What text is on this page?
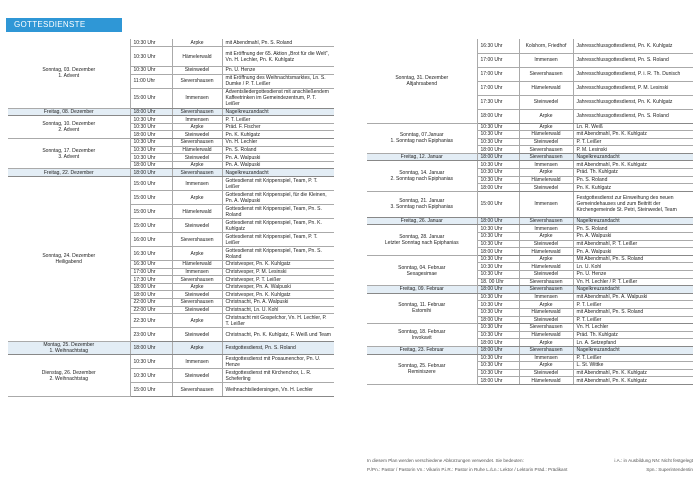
GOTTESDIENSTE
Sonntag, 03. Dezember
1. Advent	10:30 Uhr	Arpke	mit Abendmahl, Pn. S. Roland
	10:30 Uhr	Hämelerwald	mit Eröffnung der 65. Aktion „Brot für die Welt“, Vn. H. Lechler, Pn. K. Kuhlgatz
	10:30 Uhr	Steinwedel	Pn. U. Henze
	11:00 Uhr	Sievershausen	mit Eröffnung des Weihnachtsmarktes, Ln. S. Dumke / P. T. Leißer
	15:00 Uhr	Immensen	Adventsliedergottesdienst mit anschließendem Kaffeetrinken im Gemeindezentrum, P. T. Leißer
Freitag, 08. Dezember	18:00 Uhr	Sievershausen	Nagelkreuzandacht
Sonntag, 10. Dezember
2. Advent	10:30 Uhr	Immensen	P. T. Leißer
	10:30 Uhr	Arpke	Präd. F. Fischer
	18:00 Uhr	Steinwedel	Pn. K. Kuhlgatz
Sonntag, 17. Dezember
3. Advent	10:30 Uhr	Sievershausen	Vn. H. Lechler
	10:30 Uhr	Hämelerwald	Pn. S. Roland
	10:30 Uhr	Steinwedel	Pn. A. Walpuski
	18:00 Uhr	Arpke	Pn. A. Walpuski
Freitag, 22. Dezember	18:00 Uhr	Sievershausen	Nagelkreuzandacht
Sonntag, 24. Dezember
Heiligabend	15:00 Uhr	Immensen	Gottesdienst mit Krippenspiel, Team, P. T. Leißer
	15:00 Uhr	Arpke	Gottesdienst mit Krippenspiel, für die Kleinen, Pn. A. Walpuski
	15:00 Uhr	Hämelerwald	Gottesdienst mit Krippenspiel, Team, Pn. S. Roland
	15:00 Uhr	Steinwedel	Gottesdienst mit Krippenspiel, Team, Pn. K. Kuhlgatz
	16:00 Uhr	Sievershausen	Gottesdienst mit Krippenspiel, Team, P. T. Leißer
	16:30 Uhr	Arpke	Gottesdienst mit Krippenspiel, Team, Pn. S. Roland
	16:30 Uhr	Hämelerwald	Christvesper, Pn. K. Kuhlgatz
	17:00 Uhr	Immensen	Christvesper, P. M. Lesinski
	17:30 Uhr	Sievershausen	Christvesper, P. T. Leißer
	18:00 Uhr	Arpke	Christvesper, Pn. A. Walpuski
	18:00 Uhr	Steinwedel	Christvesper, Pn. K. Kuhlgatz
	22:00 Uhr	Sievershausen	Christnacht, Pn. A. Walpuski
	22:00 Uhr	Steinwedel	Christnacht, Ln. U. Kohl
	22:30 Uhr	Arpke	Christnacht mit Gospelchor, Vn. H. Lechler, P. T. Leißer
	23:00 Uhr	Steinwedel	Christnacht, Pn. K. Kuhlgatz, F. Weiß und Team
Montag, 25. Dezember
1. Weihnachtstag	18:00 Uhr	Arpke	Festgottesdienst, Pn. S. Roland
Dienstag, 26. Dezember
2. Weihnachtstag	10:30 Uhr	Immensen	Festgottesdienst mit Posaunenchor, Pn. U. Henze
	10:30 Uhr	Steinwedel	Festgottesdienst mit Kirchenchor, L. R. Scheferling
	15:00 Uhr	Sievershausen	Weihnachtsliedersingen, Vn. H. Lechler
Sonntag, 31. Dezember
Altjahrsabend	16:30 Uhr	Kolshorn, Friedhof	Jahresschlussgottesdienst, Pn. K. Kuhlgatz
	17:00 Uhr	Immensen	Jahresschlussgottesdienst, Pn. S. Roland
	17:00 Uhr	Sievershausen	Jahresschlussgottesdienst, P. i. R. Th. Dunisch
	17:00 Uhr	Hämelerwald	Jahresschlussgottesdienst, P. M. Lesinski
	17:30 Uhr	Steinwedel	Jahresschlussgottesdienst, Pn. K. Kuhlgatz
	18:00 Uhr	Arpke	Jahresschlussgottesdienst, Pn. S. Roland
Sonntag, 07.Januar
1. Sonntag nach Epiphanias	10:30 Uhr	Arpke	Ln. R. Weiß
	10:30 Uhr	Hämelerwald	mit Abendmahl, Pn. K. Kuhlgatz
	10:30 Uhr	Steinwedel	P. T. Leißer
	18:00 Uhr	Sievershausen	P. M. Lesinski
Freitag, 12. Januar	18:00 Uhr	Sievershausen	Nagelkreuzandacht
Sonntag, 14. Januar
2. Sonntag nach Epiphanias	10:30 Uhr	Immensen	mit Abendmahl, Pn. K. Kuhlgatz
	10:30 Uhr	Arpke	Präd. Th. Kuhlgatz
	10:30 Uhr	Hämelerwald	Pn. S. Roland
	18:00 Uhr	Steinwedel	Pn. K. Kuhlgatz
Sonntag, 21. Januar
3. Sonntag nach Epiphanias	15:00 Uhr	Immensen	Festgottesdienst zur Einweihung des neuen Gemeindehauses und zum Beitritt der Kirchengemeinde St. Petri, Steinwedel, Team
Freitag, 26. Januar	18:00 Uhr	Sievershausen	Nagelkreuzandacht
Sonntag, 28. Januar
Letzter Sonntag nach Epiphanias	10:30 Uhr	Immensen	Pn. S. Roland
	10:30 Uhr	Arpke	Pn. A. Walpuski
	10:30 Uhr	Steinwedel	mit Abendmahl, P. T. Leißer
	18:00 Uhr	Hämelerwald	Pn. A. Walpuski
Sonntag, 04. Februar
Sexagesimae	10:30 Uhr	Arpke	Mit Abendmahl, Pn. S. Roland
	10:30 Uhr	Hämelerwald	Ln. U. Kohl
	10:30 Uhr	Steinwedel	Pn. U. Henze
	18. 00 Uhr	Sievershausen	Vn. H. Lechler / P. T. Leißer
Freitag, 09. Februar	18:00 Uhr	Sievershausen	Nagelkreuzandacht
Sonntag, 11. Februar
Estomihi	10:30 Uhr	Immensen	mit Abendmahl, Pn. A. Walpuski
	10:30 Uhr	Arpke	P. T. Leißer
	10:30 Uhr	Hämelerwald	mit Abendmahl, Pn. S. Roland
	18:00 Uhr	Steinwedel	P. T. Leißer
Sonntag, 18. Februar
Invokavit	10:30 Uhr	Sievershausen	Vn. H. Lechler
	10:30 Uhr	Hämelerwald	Präd. Th. Kuhlgatz
	18:00 Uhr	Arpke	Ln. A. Setzepfand
Freitag, 23. Februar	18:00 Uhr	Sievershausen	Nagelkreuzandacht
Sonntag, 25. Februar
Reminiszere	10:30 Uhr	Immensen	P. T. Leißer
	10:30 Uhr	Arpke	L. St. Wittke
	10:30 Uhr	Steinwedel	mit Abendmahl, Pn. K. Kuhlgatz
	18:00 Uhr	Hämelerwald	mit Abendmahl, Pn. K. Kuhlgatz
In diesem Plan werden verschiedene Abkürzungen verwendet. Sie bedeuten:	i.A.: in Ausbildung NN: Nicht festgelegt
P./Pn.: Pastor / Pastorin Vn.: Vikarin P.i.R.: Pastor in Ruhe L./Ln.: Lektor / Lektorin Präd.: Prädikant	Spn.: Superintendentin
